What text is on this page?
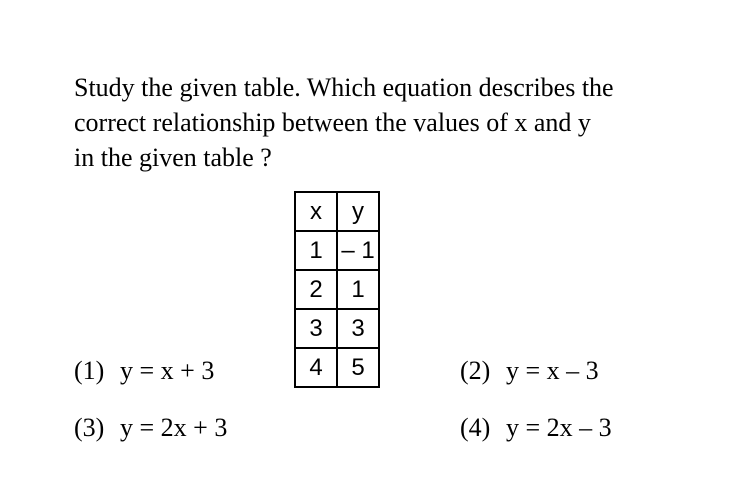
Study the given table. Which equation describes the
correct relationship between the values of x and y
in the given table ?
x	y
1	– 1
2	1
3	3
4	5
(1) y = x + 3	(2) y = x – 3
(3) y = 2x + 3	(4) y = 2x – 3
